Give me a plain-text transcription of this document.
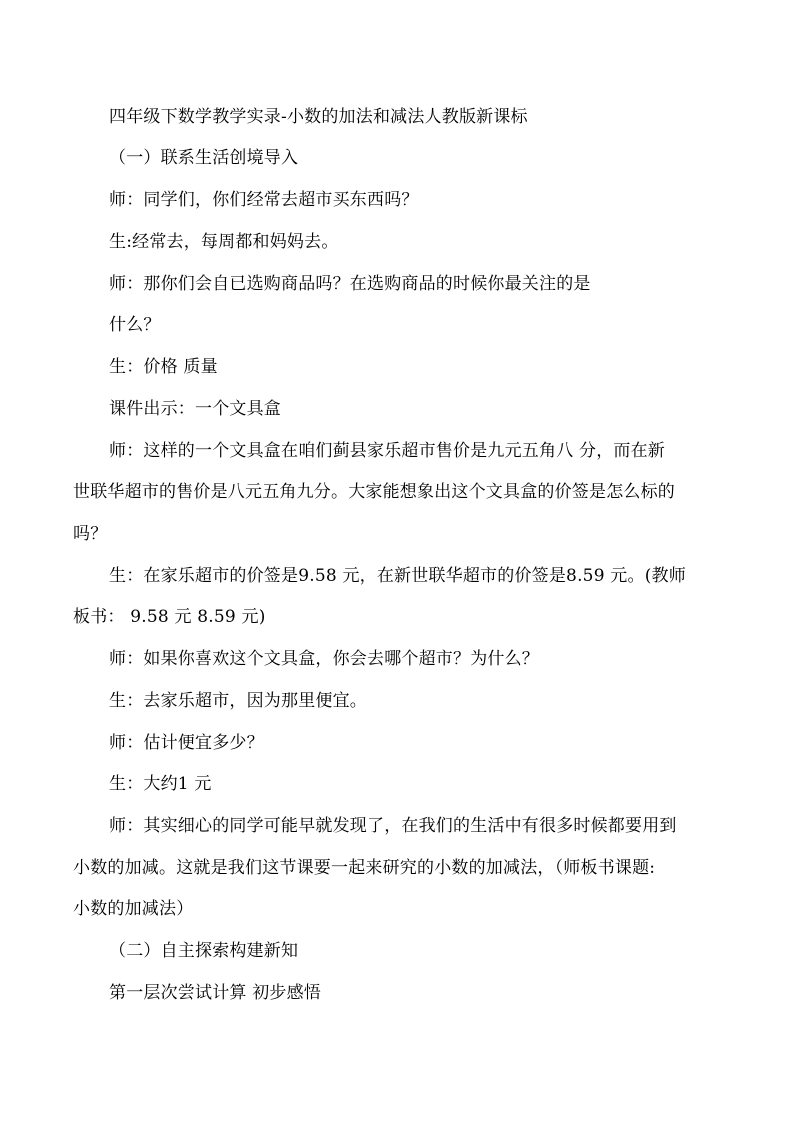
四年级下数学教学实录-小数的加法和减法人教版新课标
（一）联系生活创境导入
师：同学们，你们经常去超市买东西吗？
生:经常去，每周都和妈妈去。
师：那你们会自已选购商品吗？在选购商品的时候你最关注的是
什么？
生：价格 质量
课件出示：一个文具盒
师：这样的一个文具盒在咱们蓟县家乐超市售价是九元五角八 分，而在新
世联华超市的售价是八元五角九分。大家能想象出这个文具盒的价签是怎么标的
吗？
生：在家乐超市的价签是9.58 元，在新世联华超市的价签是8.59 元。(教师
板书： 9.58 元 8.59 元)
师：如果你喜欢这个文具盒，你会去哪个超市？为什么？
生：去家乐超市，因为那里便宜。
师：估计便宜多少？
生：大约1 元
师：其实细心的同学可能早就发现了，在我们的生活中有很多时候都要用到
小数的加减。这就是我们这节课要一起来研究的小数的加减法，（师板书课题:
小数的加减法）
（二）自主探索构建新知
第一层次尝试计算 初步感悟
